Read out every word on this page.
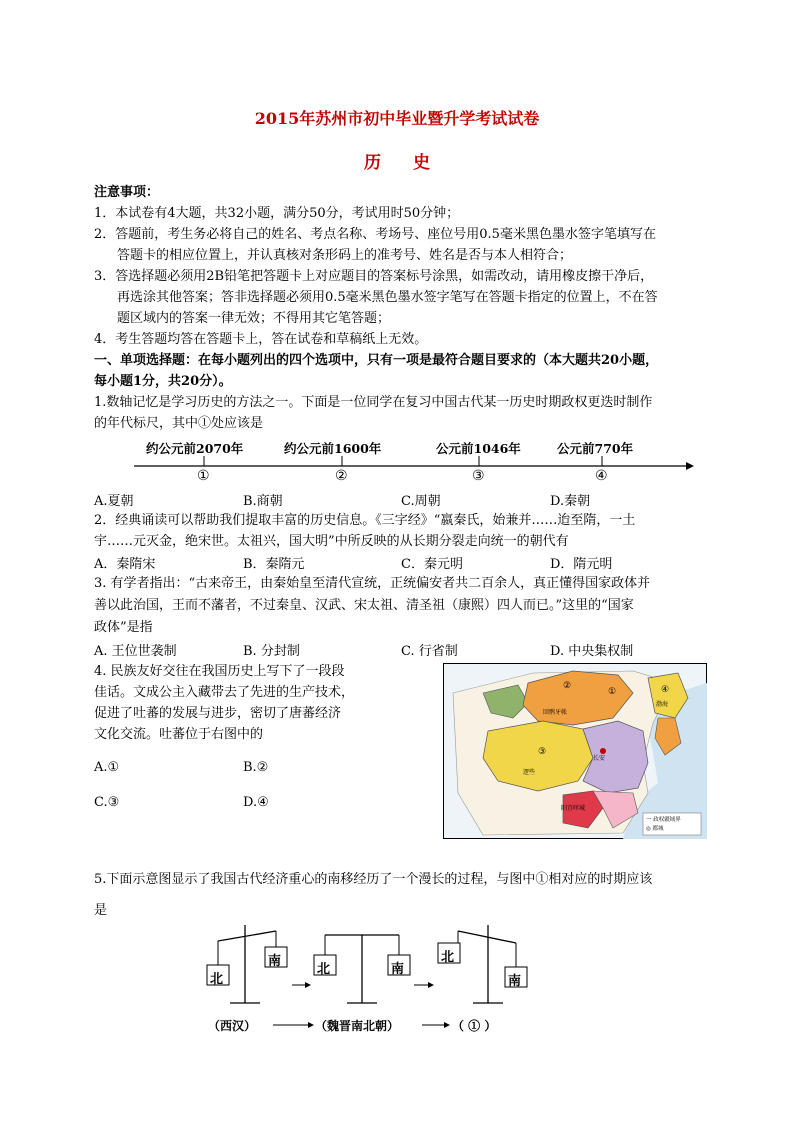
2015年苏州市初中毕业暨升学考试试卷
历史
注意事项：
1．本试卷有4大题，共32小题，满分50分，考试用时50分钟；
2．答题前，考生务必将自己的姓名、考点名称、考场号、座位号用0.5毫米黑色墨水签字笔填写在
答题卡的相应位置上，并认真核对条形码上的准考号、姓名是否与本人相符合；
3．答选择题必须用2B铅笔把答题卡上对应题目的答案标号涂黑，如需改动，请用橡皮擦干净后，
再选涂其他答案；答非选择题必须用0.5毫米黑色墨水签字笔写在答题卡指定的位置上，不在答
题区域内的答案一律无效；不得用其它笔答题；
4．考生答题均答在答题卡上，答在试卷和草稿纸上无效。
一、单项选择题：在每小题列出的四个选项中，只有一项是最符合题目要求的（本大题共20小题，
每小题1分，共20分）。
1.数轴记忆是学习历史的方法之一。下面是一位同学在复习中国古代某一历史时期政权更迭时制作
的年代标尺，其中①处应该是
约公元前2070年	约公元前1600年	公元前1046年	公元前770年
①	②	③	④
A.夏朝	B.商朝	C.周朝	D.秦朝
2．经典诵读可以帮助我们提取丰富的历史信息。《三字经》“嬴秦氏，始兼并……迨至隋，一土
宇……元灭金，绝宋世。太祖兴，国大明”中所反映的从长期分裂走向统一的朝代有
A．秦隋宋	B．秦隋元	C．秦元明	D．隋元明
3. 有学者指出：“古来帝王，由秦始皇至清代宣统，正统偏安者共二百余人，真正懂得国家政体并
善以此治国，王而不藩者，不过秦皇、汉武、宋太祖、清圣祖（康熙）四人而已。”这里的“国家
政体”是指
A. 王位世袭制	B. 分封制	C. 行省制	D. 中央集权制
4. 民族友好交往在我国历史上写下了一段段
佳话。文成公主入藏带去了先进的生产技术，
促进了吐蕃的发展与进步，密切了唐蕃经济
文化交流。吐蕃位于右图中的
A.①	B.②
C.③	D.④
①
②
③
④
回鹘牙帐
逻些
长安
阳苴咩城
渤海
一 政权疆域界
◎ 都城
5.下面示意图显示了我国古代经济重心的南移经历了一个漫长的过程，与图中①相对应的时期应该
是
北
南
北	南
北
南
（西汉）	（魏晋南北朝）	（ ① ）
